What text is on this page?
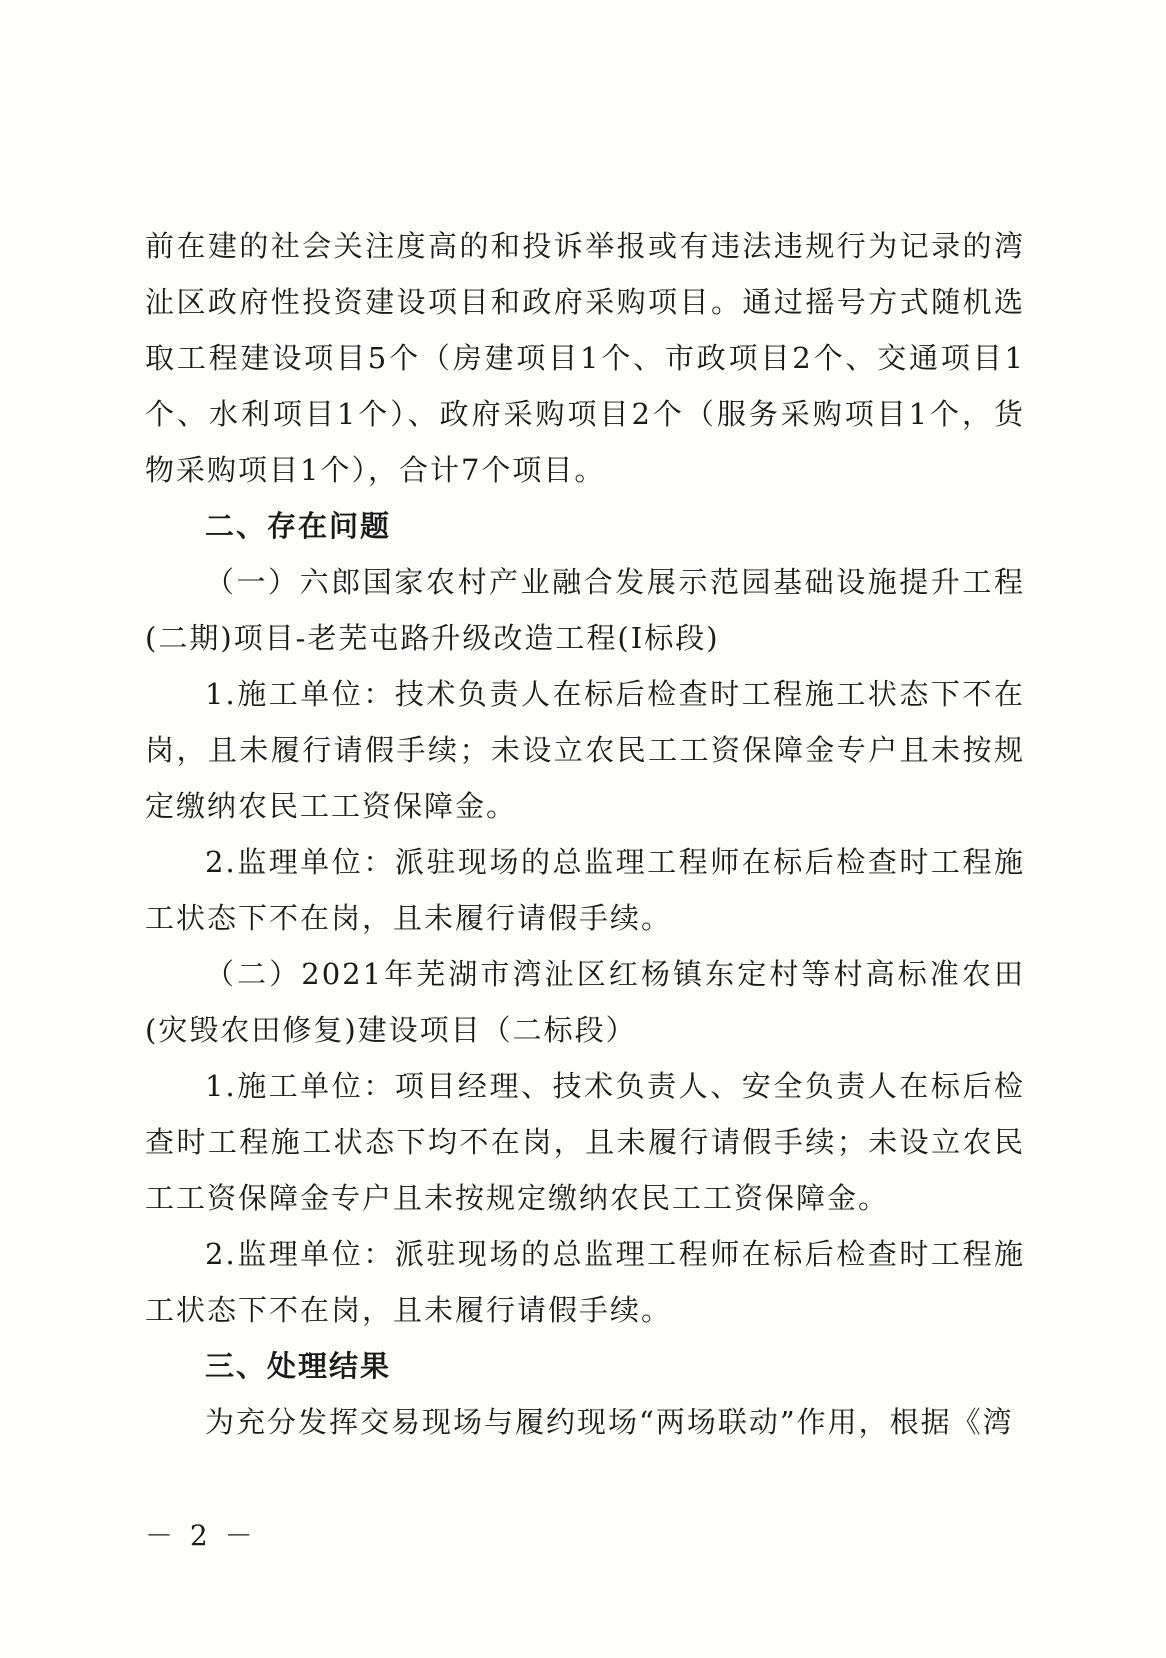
前在建的社会关注度高的和投诉举报或有违法违规行为记录的湾沚区政府性投资建设项目和政府采购项目。通过摇号方式随机选取工程建设项目5个（房建项目1个、市政项目2个、交通项目1个、水利项目1个）、政府采购项目2个（服务采购项目1个，货物采购项目1个），合计7个项目。

二、存在问题

（一）六郎国家农村产业融合发展示范园基础设施提升工程(二期)项目-老芜屯路升级改造工程(Ⅰ标段)

1.施工单位：技术负责人在标后检查时工程施工状态下不在岗，且未履行请假手续；未设立农民工工资保障金专户且未按规定缴纳农民工工资保障金。

2.监理单位：派驻现场的总监理工程师在标后检查时工程施工状态下不在岗，且未履行请假手续。

（二）2021年芜湖市湾沚区红杨镇东定村等村高标准农田(灾毁农田修复)建设项目（二标段）

1.施工单位：项目经理、技术负责人、安全负责人在标后检查时工程施工状态下均不在岗，且未履行请假手续；未设立农民工工资保障金专户且未按规定缴纳农民工工资保障金。

2.监理单位：派驻现场的总监理工程师在标后检查时工程施工状态下不在岗，且未履行请假手续。

三、处理结果

为充分发挥交易现场与履约现场“两场联动”作用，根据《湾

－ 2 －
